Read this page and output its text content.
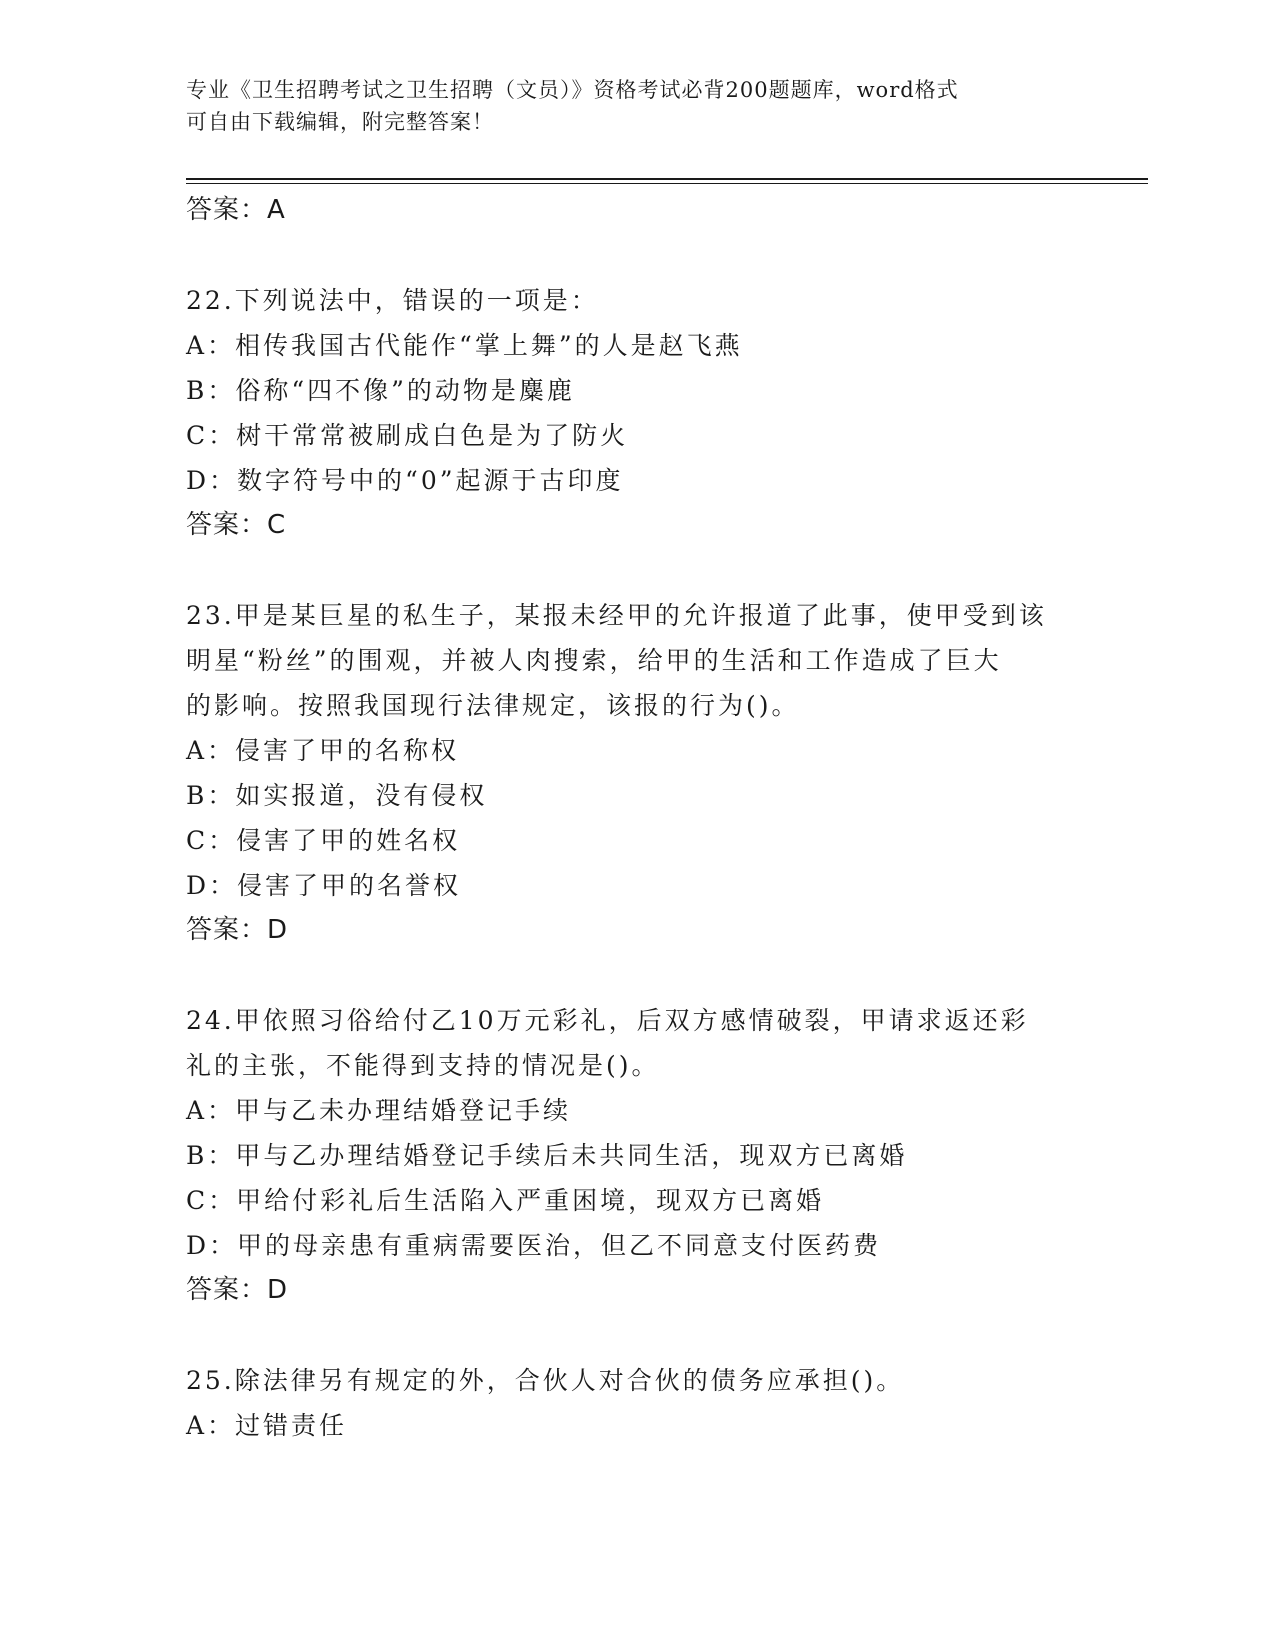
专业《卫生招聘考试之卫生招聘（文员）》资格考试必背200题题库，word格式
可自由下载编辑，附完整答案！
答案：A
22.下列说法中，错误的一项是：
A：相传我国古代能作“掌上舞”的人是赵飞燕
B：俗称“四不像”的动物是麋鹿
C：树干常常被刷成白色是为了防火
D：数字符号中的“0”起源于古印度
答案：C
23.甲是某巨星的私生子，某报未经甲的允许报道了此事，使甲受到该
明星“粉丝”的围观，并被人肉搜索，给甲的生活和工作造成了巨大
的影响。按照我国现行法律规定，该报的行为()。
A：侵害了甲的名称权
B：如实报道，没有侵权
C：侵害了甲的姓名权
D：侵害了甲的名誉权
答案：D
24.甲依照习俗给付乙10万元彩礼，后双方感情破裂，甲请求返还彩
礼的主张，不能得到支持的情况是()。
A：甲与乙未办理结婚登记手续
B：甲与乙办理结婚登记手续后未共同生活，现双方已离婚
C：甲给付彩礼后生活陷入严重困境，现双方已离婚
D：甲的母亲患有重病需要医治，但乙不同意支付医药费
答案：D
25.除法律另有规定的外，合伙人对合伙的债务应承担()。
A：过错责任
